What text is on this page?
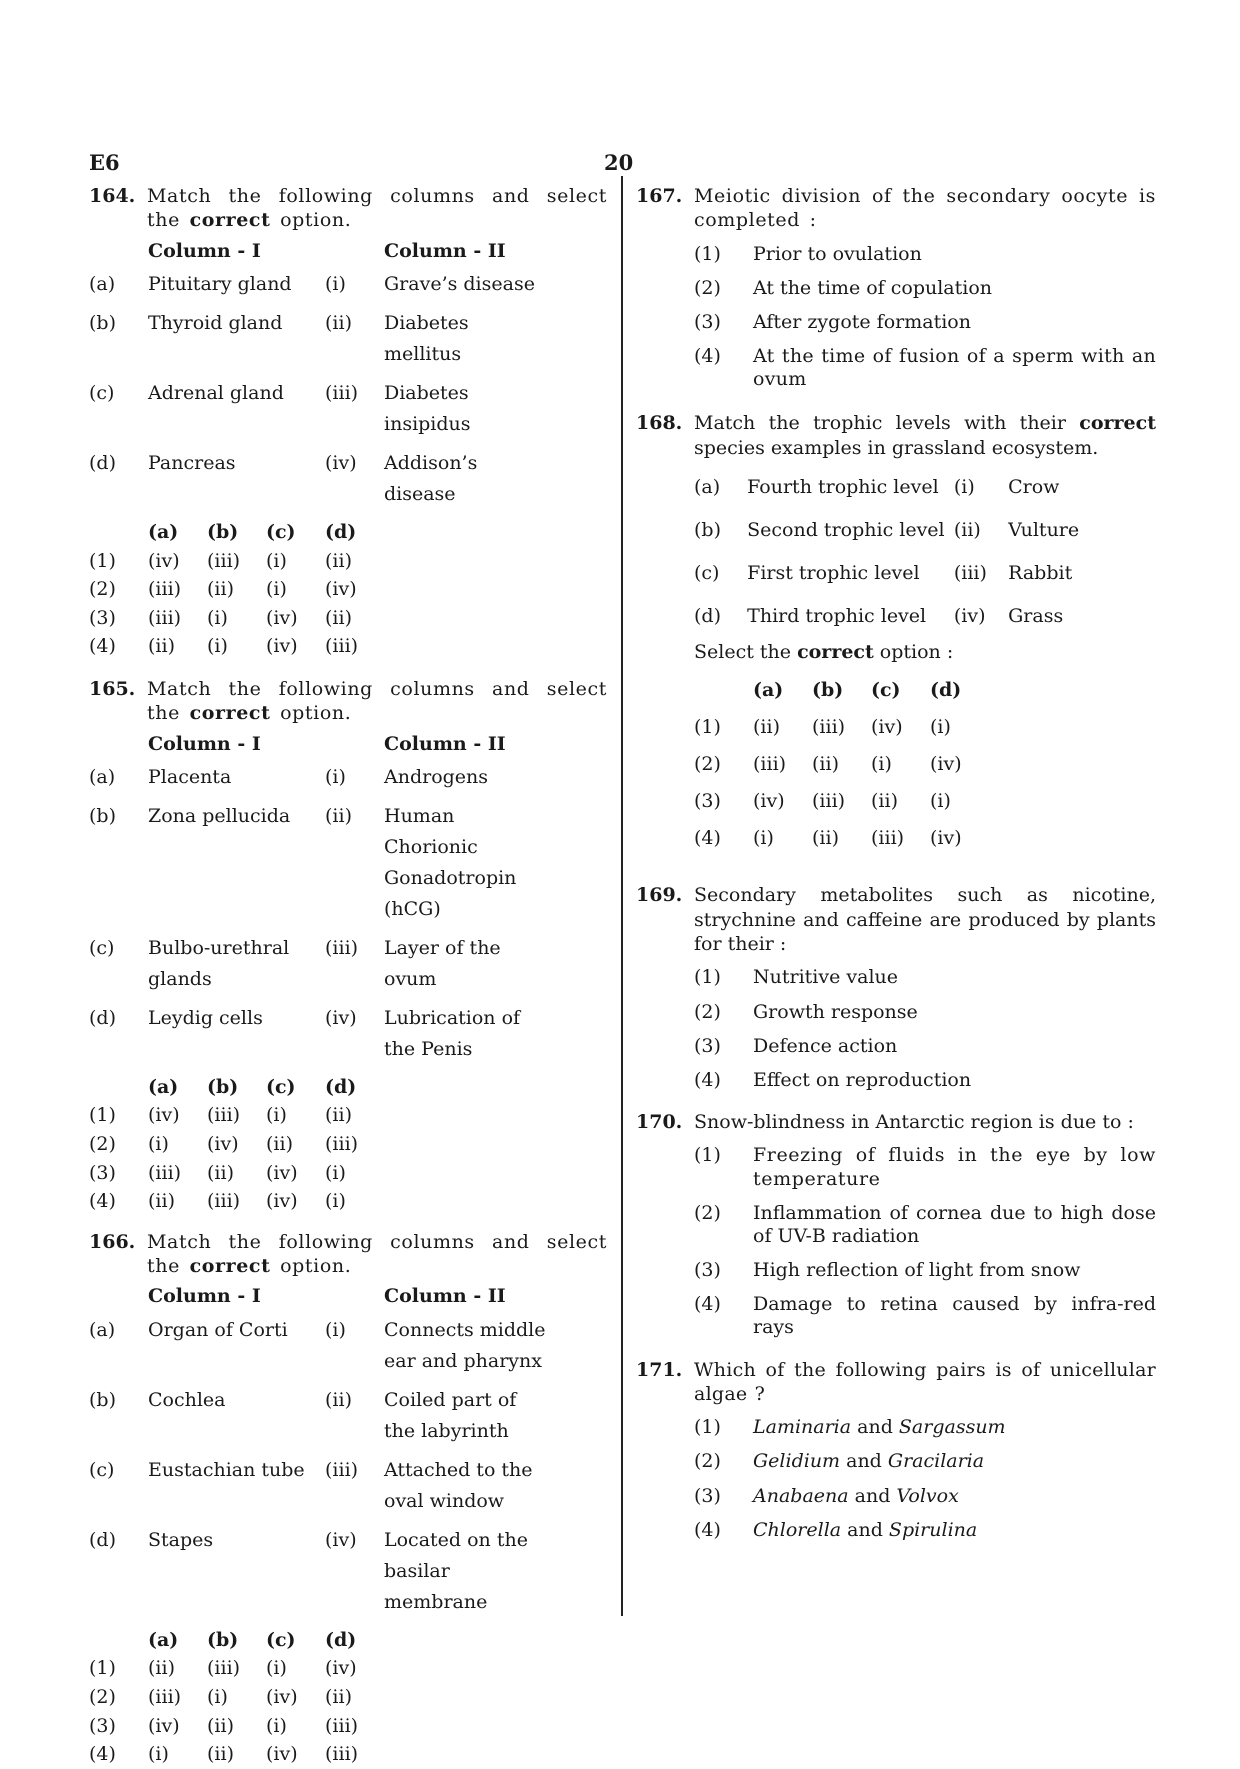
E6	20
164. Match the following columns and select the correct option.
	Column - I		Column - II
(a)	Pituitary gland	(i)	Grave’s disease
(b)	Thyroid gland	(ii)	Diabetes mellitus
(c)	Adrenal gland	(iii)	Diabetes insipidus
(d)	Pancreas	(iv)	Addison’s disease
	(a)	(b)	(c)	(d)
(1)	(iv)	(iii)	(i)	(ii)
(2)	(iii)	(ii)	(i)	(iv)
(3)	(iii)	(i)	(iv)	(ii)
(4)	(ii)	(i)	(iv)	(iii)
165. Match the following columns and select the correct option.
	Column - I		Column - II
(a)	Placenta	(i)	Androgens
(b)	Zona pellucida	(ii)	Human Chorionic Gonadotropin (hCG)
(c)	Bulbo-urethral glands	(iii)	Layer of the ovum
(d)	Leydig cells	(iv)	Lubrication of the Penis
	(a)	(b)	(c)	(d)
(1)	(iv)	(iii)	(i)	(ii)
(2)	(i)	(iv)	(ii)	(iii)
(3)	(iii)	(ii)	(iv)	(i)
(4)	(ii)	(iii)	(iv)	(i)
166. Match the following columns and select the correct option.
	Column - I		Column - II
(a)	Organ of Corti	(i)	Connects middle ear and pharynx
(b)	Cochlea	(ii)	Coiled part of the labyrinth
(c)	Eustachian tube	(iii)	Attached to the oval window
(d)	Stapes	(iv)	Located on the basilar membrane
	(a)	(b)	(c)	(d)
(1)	(ii)	(iii)	(i)	(iv)
(2)	(iii)	(i)	(iv)	(ii)
(3)	(iv)	(ii)	(i)	(iii)
(4)	(i)	(ii)	(iv)	(iii)
167. Meiotic division of the secondary oocyte is completed :
(1)	Prior to ovulation
(2)	At the time of copulation
(3)	After zygote formation
(4)	At the time of fusion of a sperm with an ovum
168. Match the trophic levels with their correct species examples in grassland ecosystem.
(a)	Fourth trophic level	(i)	Crow
(b)	Second trophic level	(ii)	Vulture
(c)	First trophic level	(iii)	Rabbit
(d)	Third trophic level	(iv)	Grass
Select the correct option :
	(a)	(b)	(c)	(d)
(1)	(ii)	(iii)	(iv)	(i)
(2)	(iii)	(ii)	(i)	(iv)
(3)	(iv)	(iii)	(ii)	(i)
(4)	(i)	(ii)	(iii)	(iv)
169. Secondary metabolites such as nicotine, strychnine and caffeine are produced by plants for their :
(1)	Nutritive value
(2)	Growth response
(3)	Defence action
(4)	Effect on reproduction
170. Snow-blindness in Antarctic region is due to :
(1)	Freezing of fluids in the eye by low temperature
(2)	Inflammation of cornea due to high dose of UV-B radiation
(3)	High reflection of light from snow
(4)	Damage to retina caused by infra-red rays
171. Which of the following pairs is of unicellular algae ?
(1)	Laminaria and Sargassum
(2)	Gelidium and Gracilaria
(3)	Anabaena and Volvox
(4)	Chlorella and Spirulina
